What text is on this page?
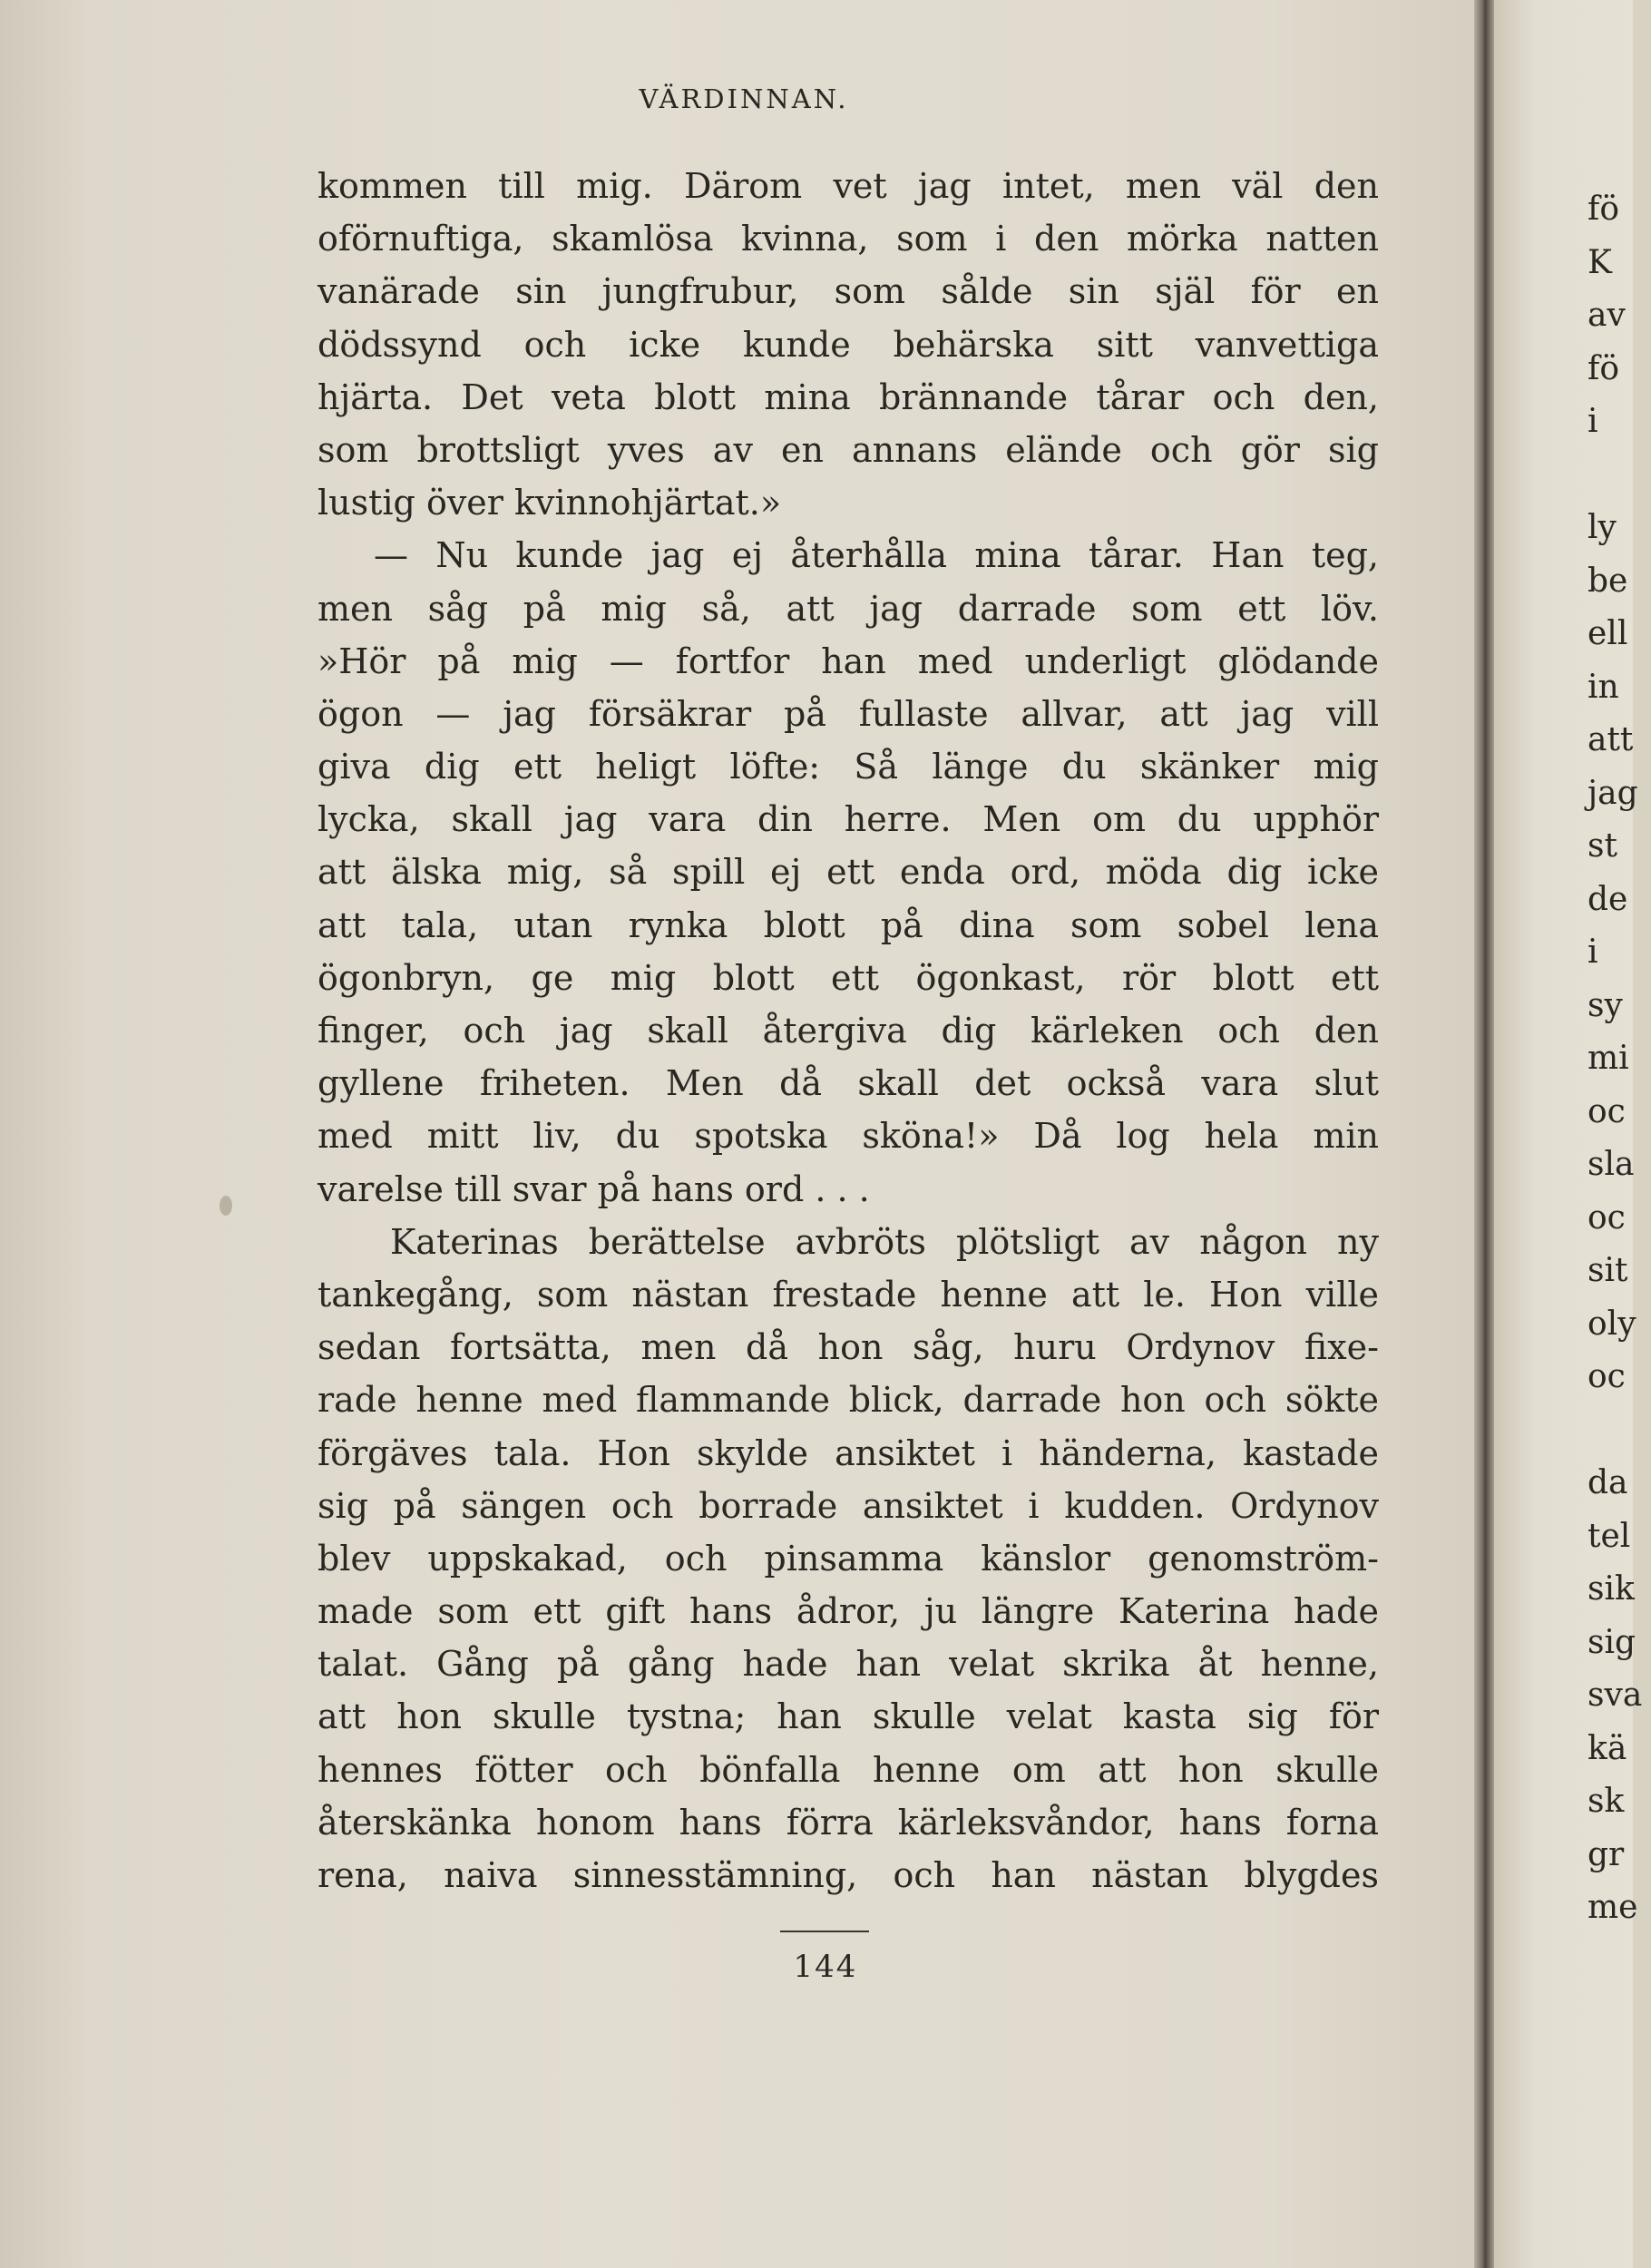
VÄRDINNAN.
kommen till mig. Därom vet jag intet, men väl den
oförnuftiga, skamlösa kvinna, som i den mörka natten
vanärade sin jungfrubur, som sålde sin själ för en
dödssynd och icke kunde behärska sitt vanvettiga
hjärta. Det veta blott mina brännande tårar och den,
som brottsligt yves av en annans elände och gör sig
lustig över kvinnohjärtat.»
— Nu kunde jag ej återhålla mina tårar. Han teg,
men såg på mig så, att jag darrade som ett löv.
»Hör på mig — fortfor han med underligt glödande
ögon — jag försäkrar på fullaste allvar, att jag vill
giva dig ett heligt löfte: Så länge du skänker mig
lycka, skall jag vara din herre. Men om du upphör
att älska mig, så spill ej ett enda ord, möda dig icke
att tala, utan rynka blott på dina som sobel lena
ögonbryn, ge mig blott ett ögonkast, rör blott ett
finger, och jag skall återgiva dig kärleken och den
gyllene friheten. Men då skall det också vara slut
med mitt liv, du spotska sköna!» Då log hela min
varelse till svar på hans ord . . .
Katerinas berättelse avbröts plötsligt av någon ny
tankegång, som nästan frestade henne att le. Hon ville
sedan fortsätta, men då hon såg, huru Ordynov fixe-
rade henne med flammande blick, darrade hon och sökte
förgäves tala. Hon skylde ansiktet i händerna, kastade
sig på sängen och borrade ansiktet i kudden. Ordynov
blev uppskakad, och pinsamma känslor genomström-
made som ett gift hans ådror, ju längre Katerina hade
talat. Gång på gång hade han velat skrika åt henne,
att hon skulle tystna; han skulle velat kasta sig för
hennes fötter och bönfalla henne om att hon skulle
återskänka honom hans förra kärleksvåndor, hans forna
rena, naiva sinnesstämning, och han nästan blygdes
144
fö
K
av
fö
i
ly
be
ell
in
att
jag
st
de
i
sy
mi
oc
sla
oc
sit
oly
oc
da
tel
sik
sig
sva
kä
sk
gr
me
